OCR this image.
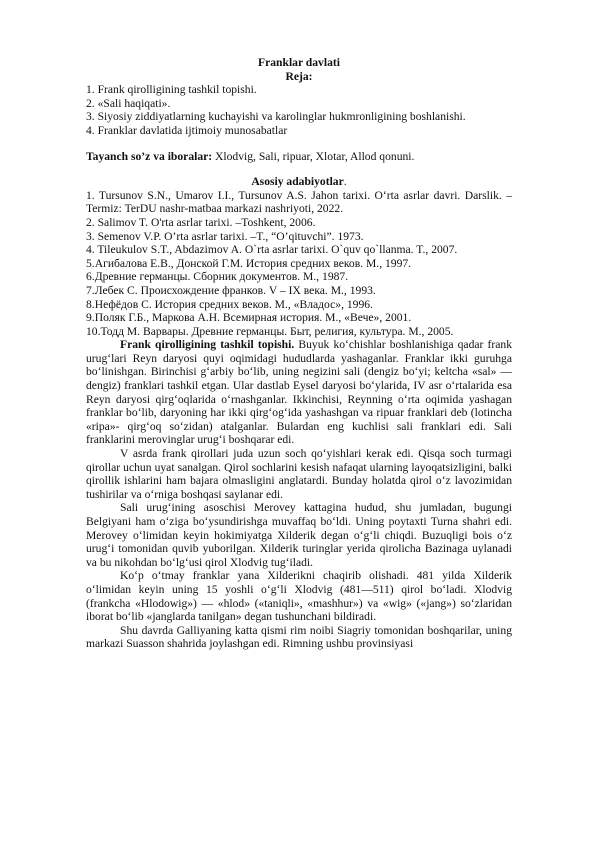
Franklar davlati
Reja:
1. Frank qirolligining tashkil topishi.
2. «Sali haqiqati».
3. Siyosiy ziddiyatlarning kuchayishi va karolinglar hukmronligining boshlanishi.
4. Franklar davlatida ijtimoiy munosabatlar
Tayanch so’z va iboralar: Xlodvig, Sali, ripuar, Xlotar, Allod qonuni.
Asosiy adabiyotlar.
1. Tursunov S.N., Umarov I.I., Tursunov A.S. Jahon tarixi. O‘rta asrlar davri. Darslik. –Termiz: TerDU nashr-matbaa markazi nashriyoti, 2022.
2. Salimov T. O'rta asrlar tarixi. –Toshkent, 2006.
3. Semenov V.P. O’rta asrlar tarixi. –T., “O’qituvchi”. 1973.
4. Tileukulov S.T., Abdazimov A. O`rta asrlar tarixi. O`quv qo`llanma. T., 2007.
5.Агибалова Е.В., Донской Г.М. История средних веков. М., 1997.
6.Древние германцы. Сборник документов. М., 1987.
7.Лебек С. Происхождение франков. V – IX века. М., 1993.
8.Нефёдов С. История средних веков. М., «Владос», 1996.
9.Поляк Г.Б., Маркова А.Н. Всемирная история. М., «Вече», 2001.
10.Тодд М. Варвары. Древние германцы. Быт, религия, культура. М., 2005.
Frank qirolligining tashkil topishi. Buyuk ko‘chishlar boshlanishiga qadar frank urug‘lari Reyn daryosi quyi oqimidagi hududlarda yashaganlar. Franklar ikki guruhga bo‘linishgan. Birinchisi g‘arbiy bo‘lib, uning negizini sali (dengiz bo‘yi; keltcha «sal» — dengiz) franklari tashkil etgan. Ular dastlab Eysel daryosi bo‘ylarida, IV asr o‘rtalarida esa Reyn daryosi qirg‘oqlarida o‘rnashganlar. Ikkinchisi, Reynning o‘rta oqimida yashagan franklar bo‘lib, daryoning har ikki qirg‘og‘ida yashashgan va ripuar franklari deb (lotincha «ripa»- qirg‘oq so‘zidan) atalganlar. Bulardan eng kuchlisi sali franklari edi. Sali franklarini merovinglar urug‘i boshqarar edi.
V asrda frank qirollari juda uzun soch qo‘yishlari kerak edi. Qisqa soch turmagi qirollar uchun uyat sanalgan. Qirol sochlarini kesish nafaqat ularning layoqatsizligini, balki qirollik ishlarini ham bajara olmasligini anglatardi. Bunday holatda qirol o‘z lavozimidan tushirilar va o‘rniga boshqasi saylanar edi.
Sali urug‘ining asoschisi Merovey kattagina hudud, shu jumladan, bugungi Belgiyani ham o‘ziga bo‘ysundirishga muvaffaq bo‘ldi. Uning poytaxti Turna shahri edi. Merovey o‘limidan keyin hokimiyatga Xilderik degan o‘g‘li chiqdi. Buzuqligi bois o‘z urug‘i tomonidan quvib yuborilgan. Xilderik turinglar yerida qirolicha Bazinaga uylanadi va bu nikohdan bo‘lg‘usi qirol Xlodvig tug‘iladi.
Ko‘p o‘tmay franklar yana Xilderikni chaqirib olishadi. 481 yilda Xilderik o‘limidan keyin uning 15 yoshli o‘g‘li Xlodvig (481—511) qirol bo‘ladi. Xlodvig (frankcha «Hlodowig») — «hlod» («taniqli», «mashhur») va «wig» («jang») so‘zlaridan iborat bo‘lib «janglarda tanilgan» degan tushunchani bildiradi.
Shu davrda Galliyaning katta qismi rim noibi Siagriy tomonidan boshqarilar, uning markazi Suasson shahrida joylashgan edi. Rimning ushbu provinsiyasi
